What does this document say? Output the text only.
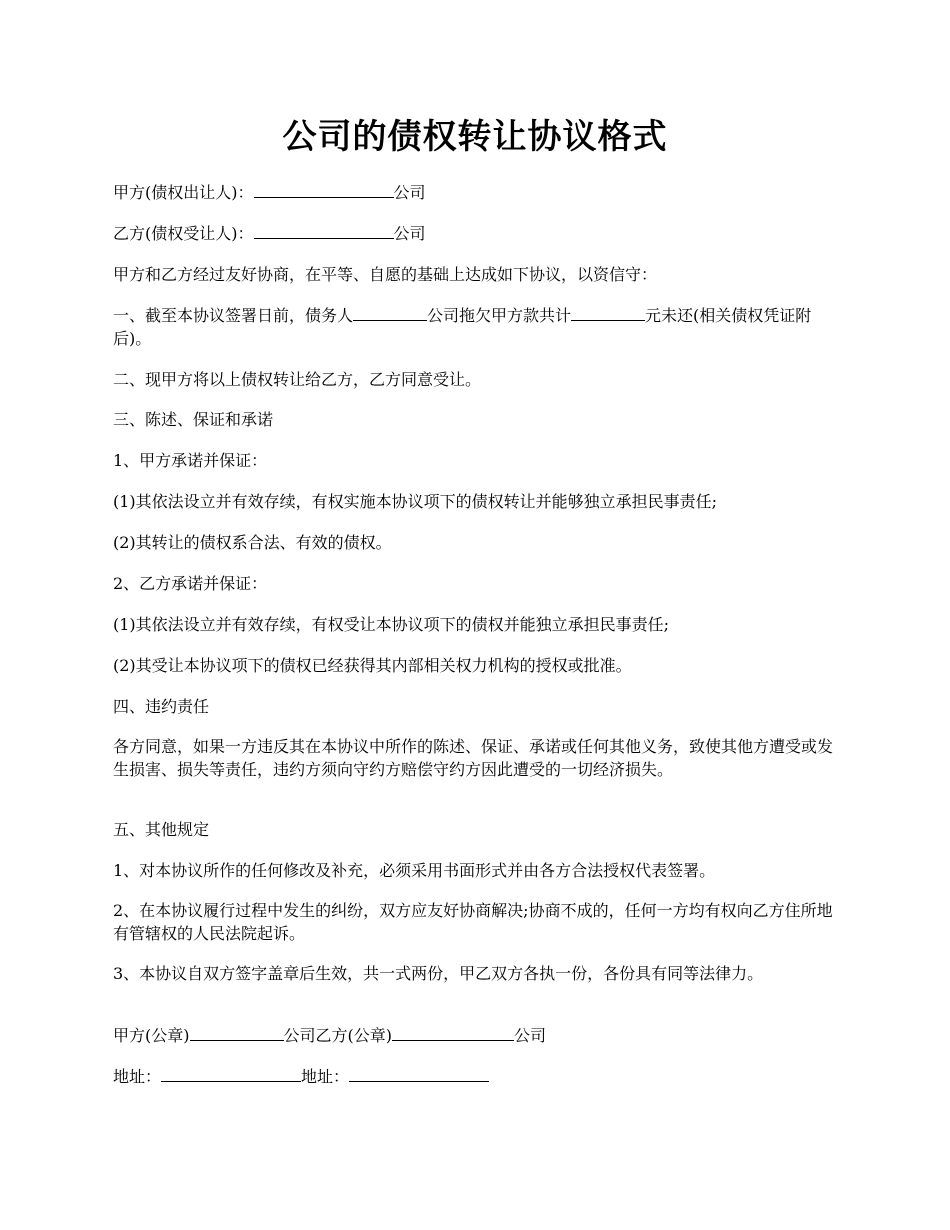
公司的债权转让协议格式

甲方(债权出让人)：	公司

乙方(债权受让人)：	公司

甲方和乙方经过友好协商，在平等、自愿的基础上达成如下协议，以资信守：

一、截至本协议签署日前，债务人	公司拖欠甲方款共计	元未还(相关债权凭证附后)。

二、现甲方将以上债权转让给乙方，乙方同意受让。

三、陈述、保证和承诺

1、甲方承诺并保证：

(1)其依法设立并有效存续，有权实施本协议项下的债权转让并能够独立承担民事责任;

(2)其转让的债权系合法、有效的债权。

2、乙方承诺并保证：

(1)其依法设立并有效存续，有权受让本协议项下的债权并能独立承担民事责任;

(2)其受让本协议项下的债权已经获得其内部相关权力机构的授权或批准。

四、违约责任

各方同意，如果一方违反其在本协议中所作的陈述、保证、承诺或任何其他义务，致使其他方遭受或发生损害、损失等责任，违约方须向守约方赔偿守约方因此遭受的一切经济损失。

五、其他规定

1、对本协议所作的任何修改及补充，必须采用书面形式并由各方合法授权代表签署。

2、在本协议履行过程中发生的纠纷，双方应友好协商解决;协商不成的，任何一方均有权向乙方住所地有管辖权的人民法院起诉。

3、本协议自双方签字盖章后生效，共一式两份，甲乙双方各执一份，各份具有同等法律力。

甲方(公章)	公司乙方(公章)	公司

地址：	地址：
